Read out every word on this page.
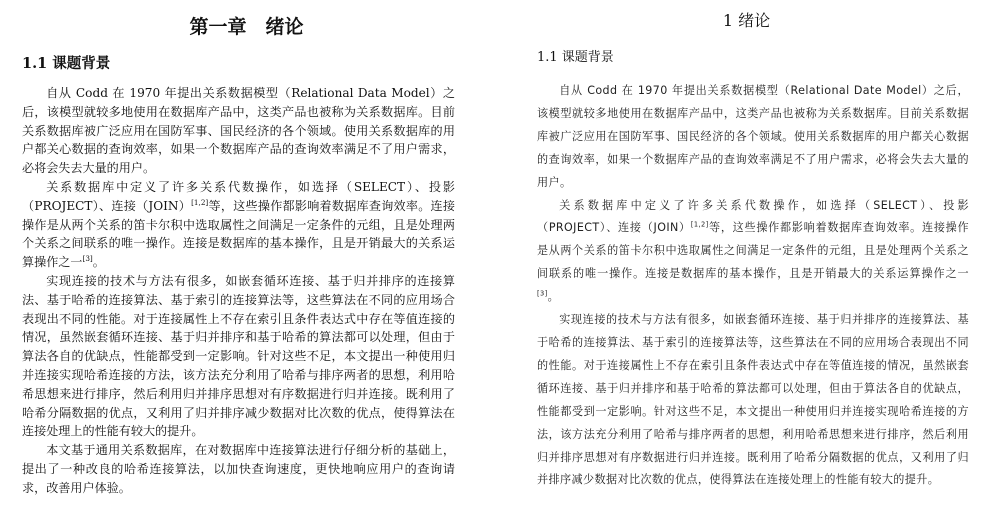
第一章　绪论
1.1 课题背景

自从 Codd 在 1970 年提出关系数据模型（Relational Data Model）之后，该模型就较多地使用在数据库产品中，这类产品也被称为关系数据库。目前关系数据库被广泛应用在国防军事、国民经济的各个领域。使用关系数据库的用户都关心数据的查询效率，如果一个数据库产品的查询效率满足不了用户需求，必将会失去大量的用户。

关系数据库中定义了许多关系代数操作，如选择（SELECT）、投影（PROJECT）、连接（JOIN）[1,2]等，这些操作都影响着数据库查询效率。连接操作是从两个关系的笛卡尔积中选取属性之间满足一定条件的元组，且是处理两个关系之间联系的唯一操作。连接是数据库的基本操作，且是开销最大的关系运算操作之一[3]。

实现连接的技术与方法有很多，如嵌套循环连接、基于归并排序的连接算法、基于哈希的连接算法、基于索引的连接算法等，这些算法在不同的应用场合表现出不同的性能。对于连接属性上不存在索引且条件表达式中存在等值连接的情况，虽然嵌套循环连接、基于归并排序和基于哈希的算法都可以处理，但由于算法各自的优缺点，性能都受到一定影响。针对这些不足，本文提出一种使用归并连接实现哈希连接的方法，该方法充分利用了哈希与排序两者的思想，利用哈希思想来进行排序，然后利用归并排序思想对有序数据进行归并连接。既利用了哈希分隔数据的优点，又利用了归并排序减少数据对比次数的优点，使得算法在连接处理上的性能有较大的提升。

本文基于通用关系数据库，在对数据库中连接算法进行仔细分析的基础上，提出了一种改良的哈希连接算法，以加快查询速度，更快地响应用户的查询请求，改善用户体验。

1 绪论
1.1 课题背景

自从 Codd 在 1970 年提出关系数据模型（Relational Date Model）之后，该模型就较多地使用在数据库产品中，这类产品也被称为关系数据库。目前关系数据库被广泛应用在国防军事、国民经济的各个领域。使用关系数据库的用户都关心数据的查询效率，如果一个数据库产品的查询效率满足不了用户需求，必将会失去大量的用户。

关系数据库中定义了许多关系代数操作，如选择（SELECT）、投影（PROJECT）、连接（JOIN）[1,2]等，这些操作都影响着数据库查询效率。连接操作是从两个关系的笛卡尔积中选取属性之间满足一定条件的元组，且是处理两个关系之间联系的唯一操作。连接是数据库的基本操作，且是开销最大的关系运算操作之一[3]。

实现连接的技术与方法有很多，如嵌套循环连接、基于归并排序的连接算法、基于哈希的连接算法、基于索引的连接算法等，这些算法在不同的应用场合表现出不同的性能。对于连接属性上不存在索引且条件表达式中存在等值连接的情况，虽然嵌套循环连接、基于归并排序和基于哈希的算法都可以处理，但由于算法各自的优缺点，性能都受到一定影响。针对这些不足，本文提出一种使用归并连接实现哈希连接的方法，该方法充分利用了哈希与排序两者的思想，利用哈希思想来进行排序，然后利用归并排序思想对有序数据进行归并连接。既利用了哈希分隔数据的优点，又利用了归并排序减少数据对比次数的优点，使得算法在连接处理上的性能有较大的提升。
